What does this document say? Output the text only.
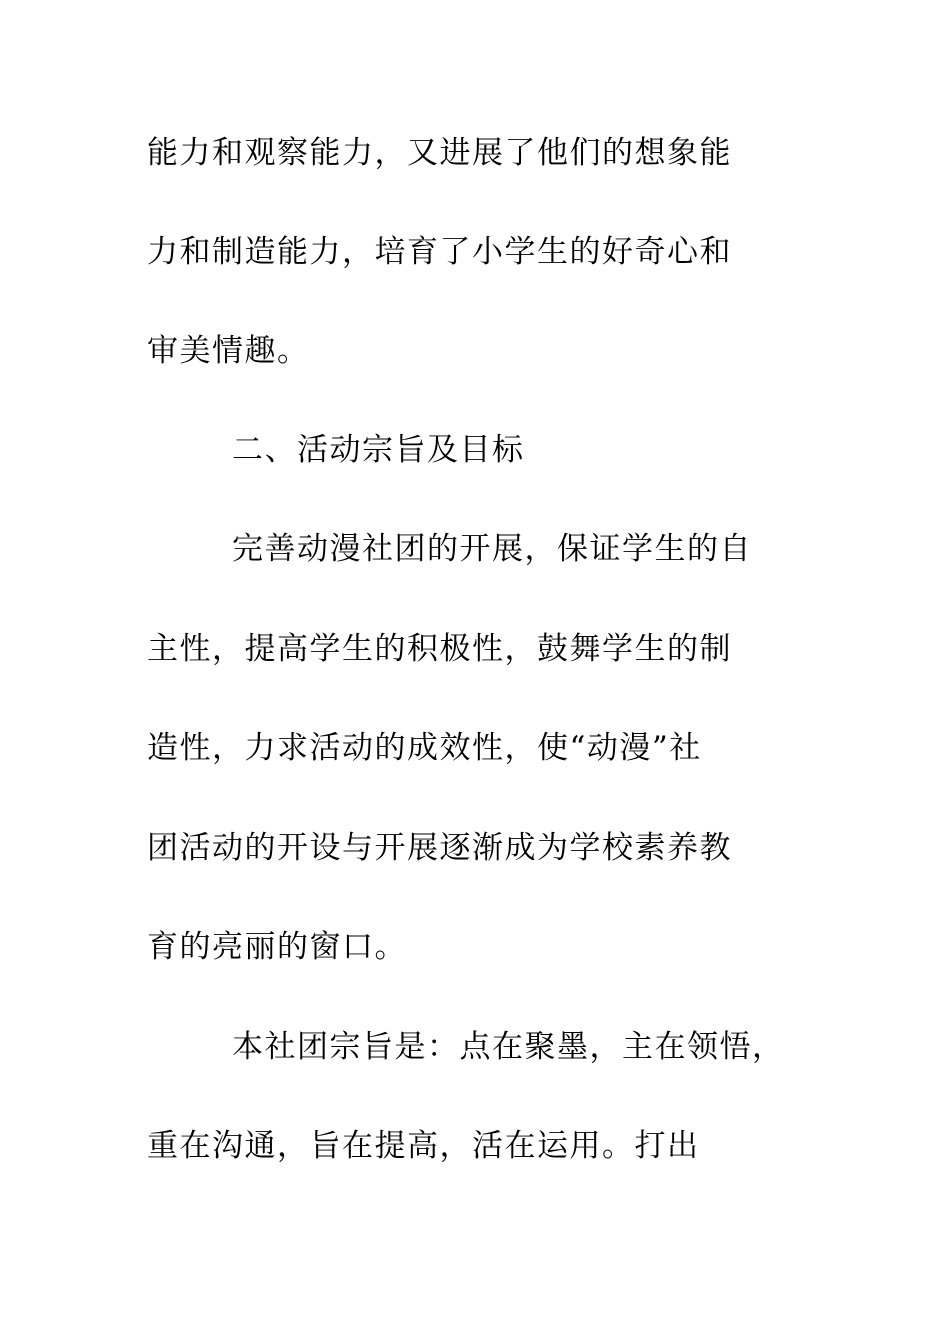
能力和观察能力，又进展了他们的想象能
力和制造能力，培育了小学生的好奇心和
审美情趣。
二、活动宗旨及目标
完善动漫社团的开展，保证学生的自
主性，提高学生的积极性，鼓舞学生的制
造性，力求活动的成效性，使“动漫”社
团活动的开设与开展逐渐成为学校素养教
育的亮丽的窗口。
本社团宗旨是：点在聚墨，主在领悟，
重在沟通，旨在提高，活在运用。打出
